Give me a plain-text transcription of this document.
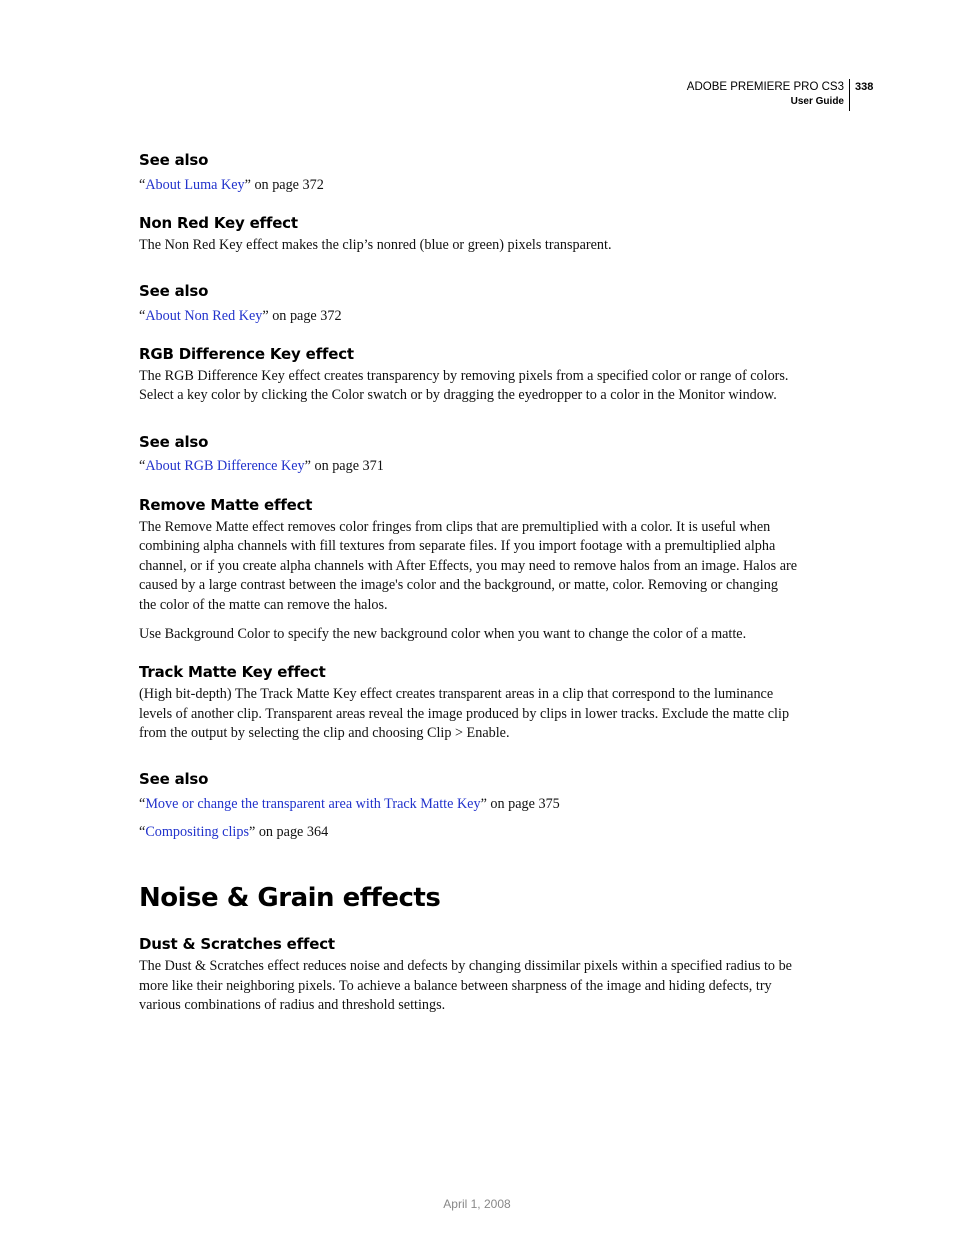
ADOBE PREMIERE PRO CS3
User Guide
338
See also

“About Luma Key” on page 372

Non Red Key effect

The Non Red Key effect makes the clip’s nonred (blue or green) pixels transparent.

See also

“About Non Red Key” on page 372

RGB Difference Key effect

The RGB Difference Key effect creates transparency by removing pixels from a specified color or range of colors.

Select a key color by clicking the Color swatch or by dragging the eyedropper to a color in the Monitor window.

See also

“About RGB Difference Key” on page 371

Remove Matte effect

The Remove Matte effect removes color fringes from clips that are premultiplied with a color. It is useful when

combining alpha channels with fill textures from separate files. If you import footage with a premultiplied alpha

channel, or if you create alpha channels with After Effects, you may need to remove halos from an image. Halos are

caused by a large contrast between the image's color and the background, or matte, color. Removing or changing

the color of the matte can remove the halos.

Use Background Color to specify the new background color when you want to change the color of a matte.

Track Matte Key effect

(High bit-depth) The Track Matte Key effect creates transparent areas in a clip that correspond to the luminance

levels of another clip. Transparent areas reveal the image produced by clips in lower tracks. Exclude the matte clip

from the output by selecting the clip and choosing Clip > Enable.

See also

“Move or change the transparent area with Track Matte Key” on page 375

“Compositing clips” on page 364

Noise & Grain effects
Dust & Scratches effect

The Dust & Scratches effect reduces noise and defects by changing dissimilar pixels within a specified radius to be

more like their neighboring pixels. To achieve a balance between sharpness of the image and hiding defects, try

various combinations of radius and threshold settings.

April 1, 2008
